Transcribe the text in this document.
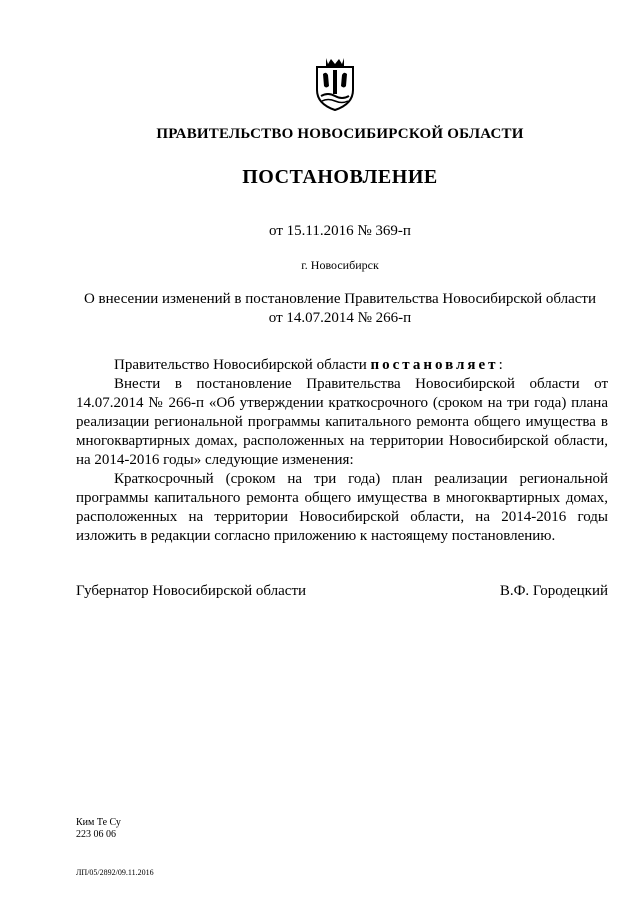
ПРАВИТЕЛЬСТВО НОВОСИБИРСКОЙ ОБЛАСТИ
ПОСТАНОВЛЕНИЕ
от 15.11.2016 № 369-п
г. Новосибирск
О внесении изменений в постановление Правительства Новосибирской области
от 14.07.2014 № 266-п

Правительство Новосибирской области постановляет:

Внести в постановление Правительства Новосибирской области от 14.07.2014 № 266-п «Об утверждении краткосрочного (сроком на три года) плана реализации региональной программы капитального ремонта общего имущества в многоквартирных домах, расположенных на территории Новосибирской области, на 2014-2016 годы» следующие изменения:

Краткосрочный (сроком на три года) план реализации региональной программы капитального ремонта общего имущества в многоквартирных домах, расположенных на территории Новосибирской области, на 2014-2016 годы изложить в редакции согласно приложению к настоящему постановлению.

Губернатор Новосибирской области	В.Ф. Городецкий
Ким Те Су
223 06 06
ЛП/05/2892/09.11.2016
